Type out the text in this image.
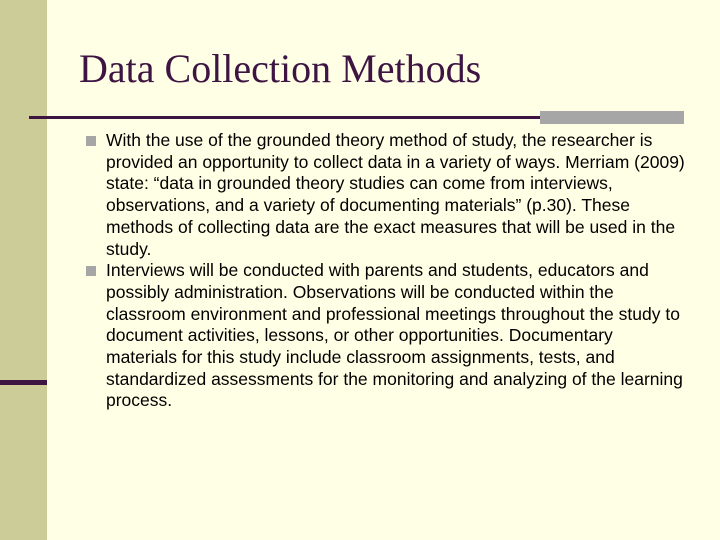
Data Collection Methods
With the use of the grounded theory method of study, the researcher is provided an opportunity to collect data in a variety of ways. Merriam (2009) state: “data in grounded theory studies can come from interviews, observations, and a variety of documenting materials” (p.30). These methods of collecting data are the exact measures that will be used in the study.
Interviews will be conducted with parents and students, educators and possibly administration. Observations will be conducted within the classroom environment and professional meetings throughout the study to document activities, lessons, or other opportunities. Documentary materials for this study include classroom assignments, tests, and standardized assessments for the monitoring and analyzing of the learning process.
